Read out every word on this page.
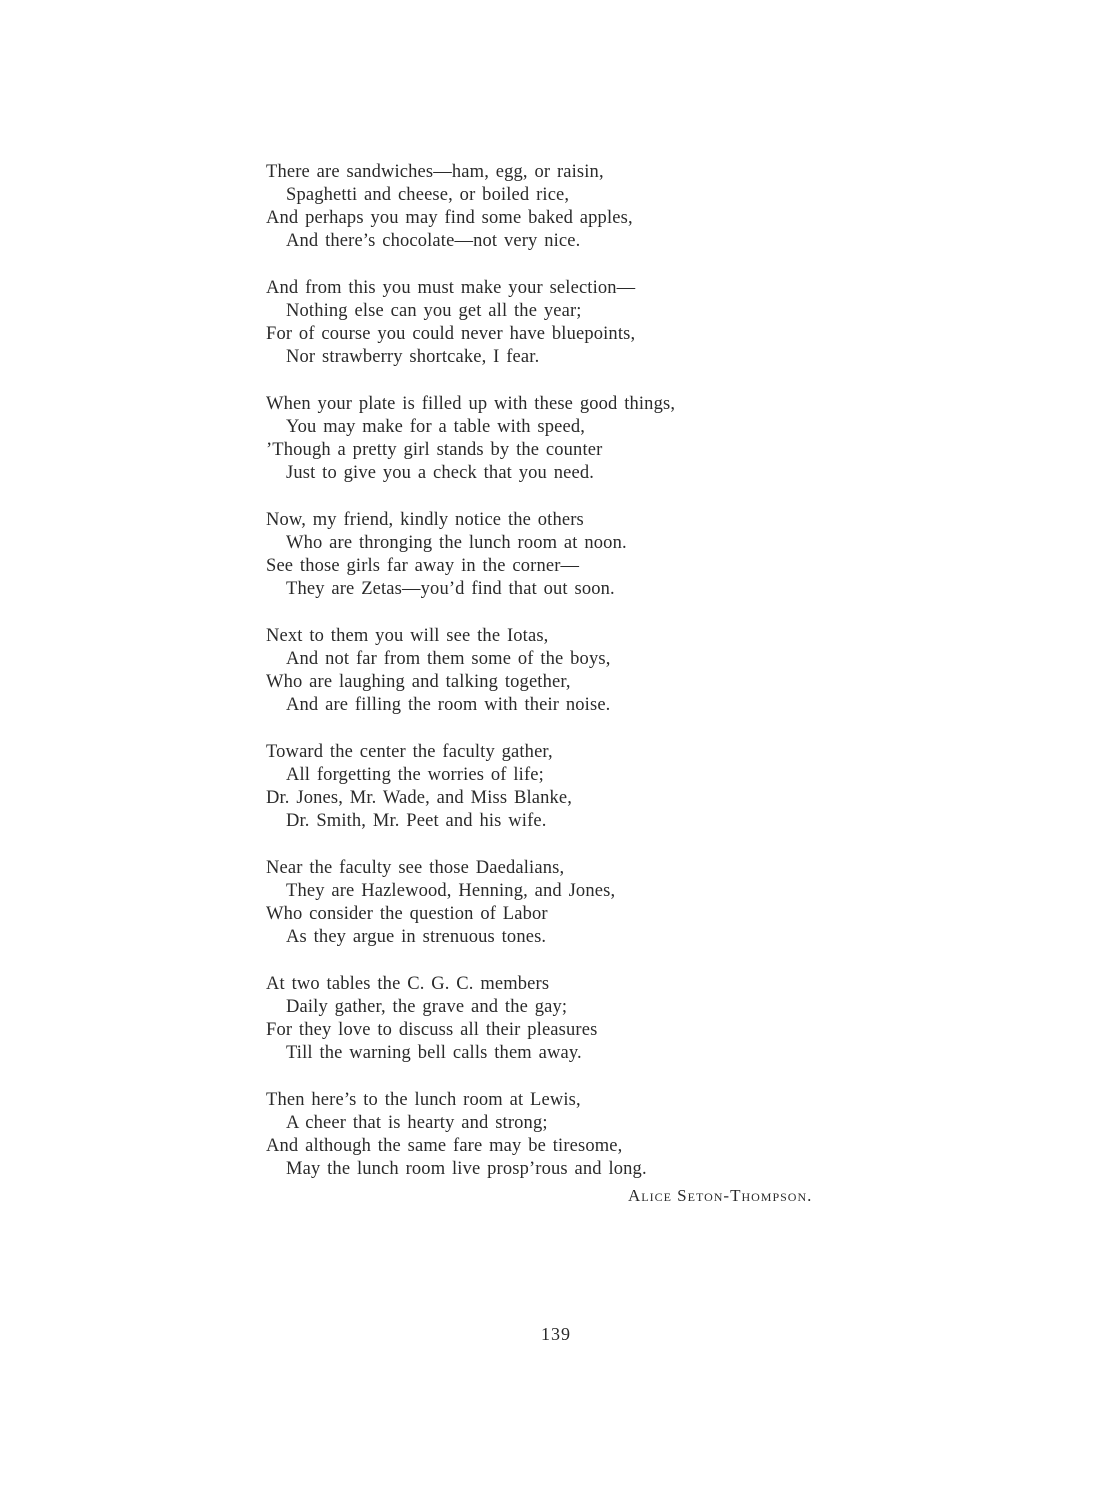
There are sandwiches—ham, egg, or raisin,
Spaghetti and cheese, or boiled rice,
And perhaps you may find some baked apples,
And there’s chocolate—not very nice.
And from this you must make your selection—
Nothing else can you get all the year;
For of course you could never have bluepoints,
Nor strawberry shortcake, I fear.
When your plate is filled up with these good things,
You may make for a table with speed,
’Though a pretty girl stands by the counter
Just to give you a check that you need.
Now, my friend, kindly notice the others
Who are thronging the lunch room at noon.
See those girls far away in the corner—
They are Zetas—you’d find that out soon.
Next to them you will see the Iotas,
And not far from them some of the boys,
Who are laughing and talking together,
And are filling the room with their noise.
Toward the center the faculty gather,
All forgetting the worries of life;
Dr. Jones, Mr. Wade, and Miss Blanke,
Dr. Smith, Mr. Peet and his wife.
Near the faculty see those Daedalians,
They are Hazlewood, Henning, and Jones,
Who consider the question of Labor
As they argue in strenuous tones.
At two tables the C. G. C. members
Daily gather, the grave and the gay;
For they love to discuss all their pleasures
Till the warning bell calls them away.
Then here’s to the lunch room at Lewis,
A cheer that is hearty and strong;
And although the same fare may be tiresome,
May the lunch room live prosp’rous and long.
Alice Seton-Thompson.
139
